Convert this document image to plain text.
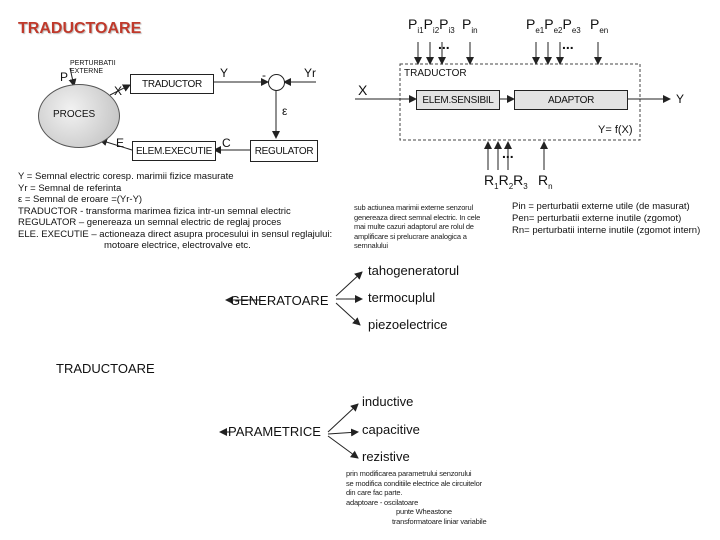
TRADUCTOARE
PROCES
PERTURBATII
EXTERNE
P
X
Y	-	Yr
ε
E	C
TRADUCTOR
ELEM.EXECUTIE	REGULATOR
$P_{i1}P_{i2}P_{i3}$ $P_{in}$
...
$P_{e1}P_{e2}P_{e3}$ $P_{en}$
...
TRADUCTOR
X
ELEM.SENSIBIL	ADAPTOR	Y
Y= f(X)
...
$R_1R_2R_3$ $R_n$
Y = Semnal electric coresp. marimii fizice masurate
Yr = Semnal de referinta
ε = Semnal de eroare =(Yr-Y)
TRADUCTOR - transforma marimea fizica intr-un semnal electric
REGULATOR – genereaza un semnal electric de reglaj proces
ELE. EXECUTIE – actioneaza direct asupra procesului in sensul reglajului:
motoare electrice, electrovalve etc.
sub actiunea marimii externe senzorul
genereaza direct semnal electric. In cele
mai multe cazuri adaptorul are rolul de
amplificare si prelucrare analogica a
semnalului
Pin = perturbatii externe utile (de masurat)
Pen= perturbatii externe inutile (zgomot)
Rn= perturbatii interne inutile (zgomot intern)
TRADUCTOARE
GENERATOARE
tahogeneratorul
termocuplul
piezoelectrice
PARAMETRICE
inductive
capacitive
rezistive
prin modificarea parametrului senzorului
se modifica conditiile electrice ale circuitelor
din care fac parte.
adaptoare - oscilatoare
punte Wheastone
transformatoare liniar variabile
